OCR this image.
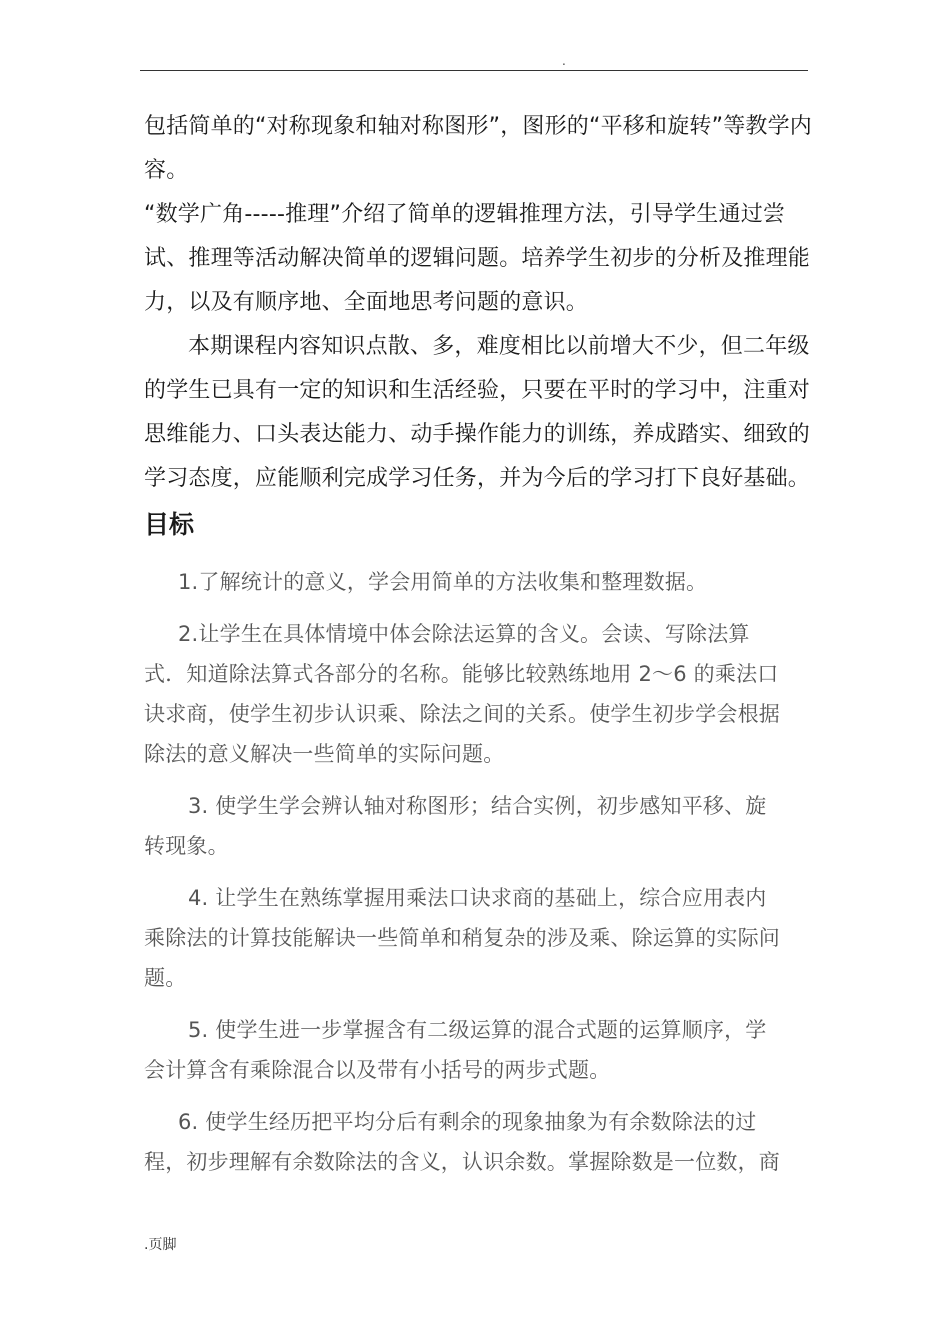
.
包括简单的“对称现象和轴对称图形”，图形的“平移和旋转”等教学内
容。
“数学广角-----推理”介绍了简单的逻辑推理方法，引导学生通过尝
试、推理等活动解决简单的逻辑问题。培养学生初步的分析及推理能
力，以及有顺序地、全面地思考问题的意识。
本期课程内容知识点散、多，难度相比以前增大不少，但二年级
的学生已具有一定的知识和生活经验，只要在平时的学习中，注重对
思维能力、口头表达能力、动手操作能力的训练，养成踏实、细致的
学习态度，应能顺利完成学习任务，并为今后的学习打下良好基础。
目标
1.了解统计的意义，学会用简单的方法收集和整理数据。
2.让学生在具体情境中体会除法运算的含义。会读、写除法算
式．知道除法算式各部分的名称。能够比较熟练地用 2～6 的乘法口
诀求商，使学生初步认识乘、除法之间的关系。使学生初步学会根据
除法的意义解决一些简单的实际问题。
3. 使学生学会辨认轴对称图形；结合实例，初步感知平移、旋
转现象。
4. 让学生在熟练掌握用乘法口诀求商的基础上，综合应用表内
乘除法的计算技能解诀一些简单和稍复杂的涉及乘、除运算的实际问
题。
5. 使学生进一步掌握含有二级运算的混合式题的运算顺序，学
会计算含有乘除混合以及带有小括号的两步式题。
6. 使学生经历把平均分后有剩余的现象抽象为有余数除法的过
程，初步理解有余数除法的含义，认识余数。掌握除数是一位数，商
.页脚
